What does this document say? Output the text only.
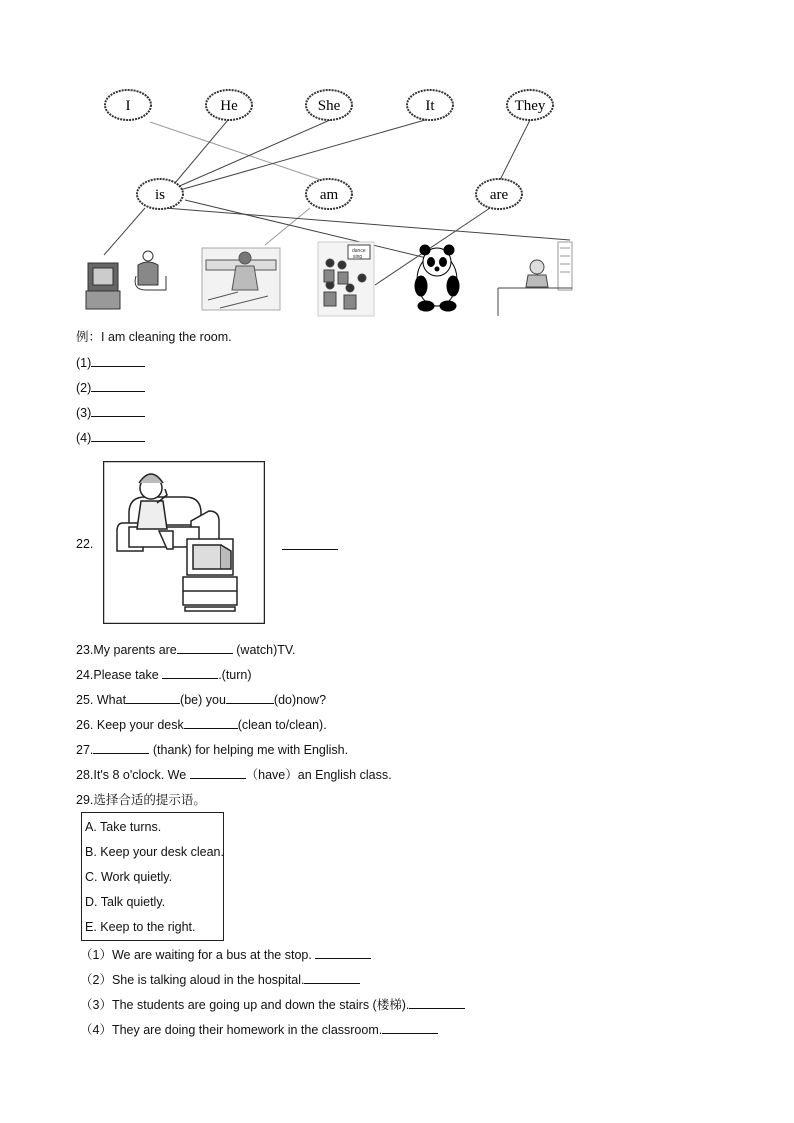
I	He	She	It	They
is	am	are
dance
sing
例：I am cleaning the room.
(1)
(2)
(3)
(4)
22.
23.My parents are	(watch)TV.
24.Please take	.(turn)
25. What	(be) you	(do)now?
26. Keep your desk	(clean to/clean).
27.	(thank) for helping me with English.
28.It's 8 o'clock. We	（have）an English class.
29.选择合适的提示语。
A. Take turns.
B. Keep your desk clean.
C. Work quietly.
D. Talk quietly.
E. Keep to the right.
（1）We are waiting for a bus at the stop.
（2）She is talking aloud in the hospital.
（3）The students are going up and down the stairs (楼梯).
（4）They are doing their homework in the classroom.
